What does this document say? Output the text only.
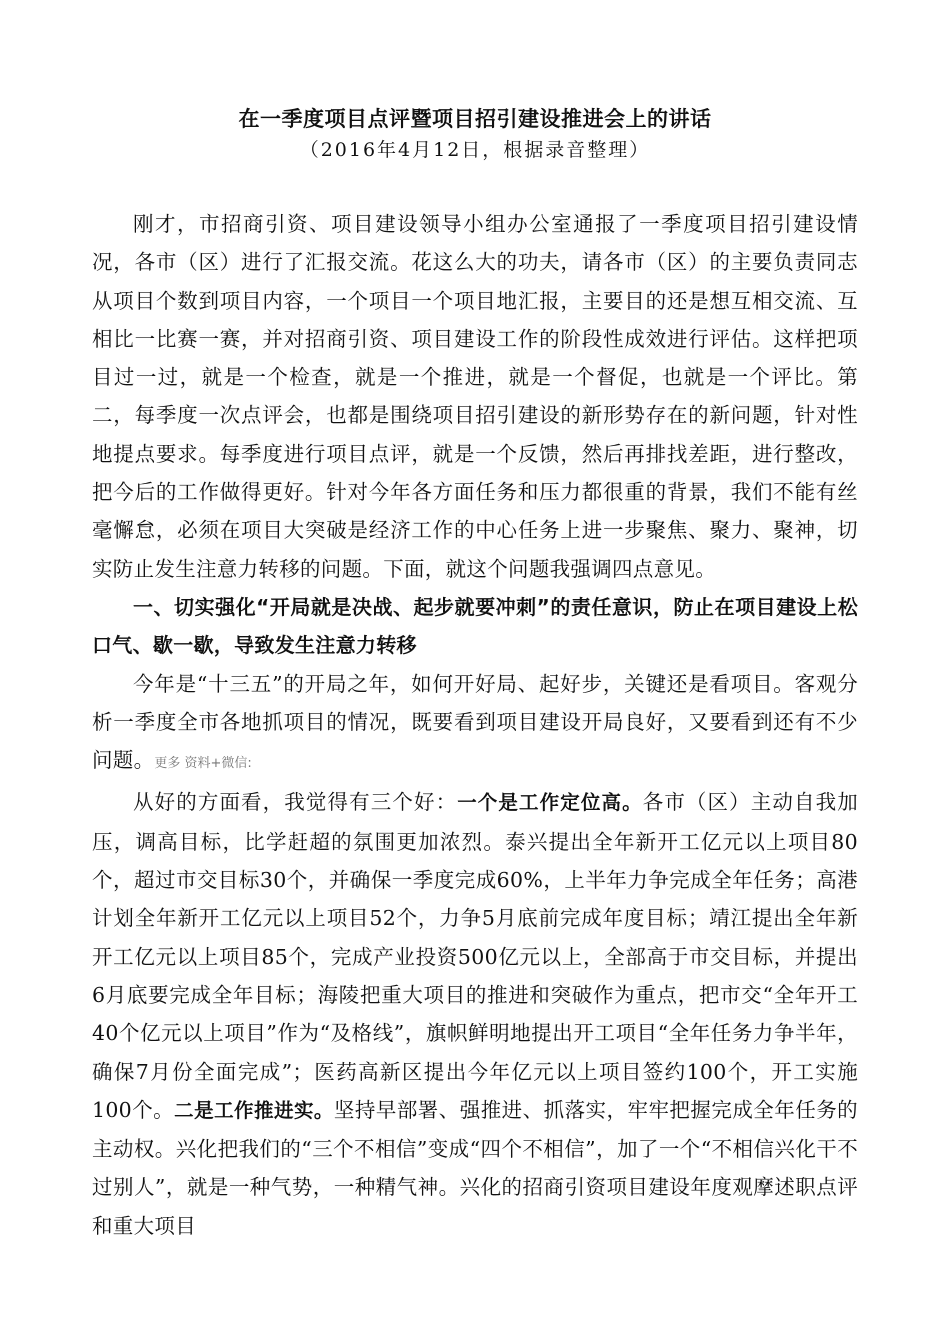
在一季度项目点评暨项目招引建设推进会上的讲话
（2016年4月12日，根据录音整理）

刚才，市招商引资、项目建设领导小组办公室通报了一季度项目招引建设情况，各市（区）进行了汇报交流。花这么大的功夫，请各市（区）的主要负责同志从项目个数到项目内容，一个项目一个项目地汇报，主要目的还是想互相交流、互相比一比赛一赛，并对招商引资、项目建设工作的阶段性成效进行评估。这样把项目过一过，就是一个检查，就是一个推进，就是一个督促，也就是一个评比。第二，每季度一次点评会，也都是围绕项目招引建设的新形势存在的新问题，针对性地提点要求。每季度进行项目点评，就是一个反馈，然后再排找差距，进行整改，把今后的工作做得更好。针对今年各方面任务和压力都很重的背景，我们不能有丝毫懈怠，必须在项目大突破是经济工作的中心任务上进一步聚焦、聚力、聚神，切实防止发生注意力转移的问题。下面，就这个问题我强调四点意见。

一、切实强化“开局就是决战、起步就要冲刺”的责任意识，防止在项目建设上松口气、歇一歇，导致发生注意力转移

今年是“十三五”的开局之年，如何开好局、起好步，关键还是看项目。客观分析一季度全市各地抓项目的情况，既要看到项目建设开局良好，又要看到还有不少问题。更多 资料+微信:

从好的方面看，我觉得有三个好：一个是工作定位高。各市（区）主动自我加压，调高目标，比学赶超的氛围更加浓烈。泰兴提出全年新开工亿元以上项目80个，超过市交目标30个，并确保一季度完成60%，上半年力争完成全年任务；高港计划全年新开工亿元以上项目52个，力争5月底前完成年度目标；靖江提出全年新开工亿元以上项目85个，完成产业投资500亿元以上，全部高于市交目标，并提出6月底要完成全年目标；海陵把重大项目的推进和突破作为重点，把市交“全年开工40个亿元以上项目”作为“及格线”，旗帜鲜明地提出开工项目“全年任务力争半年，确保7月份全面完成”；医药高新区提出今年亿元以上项目签约100个，开工实施100个。二是工作推进实。坚持早部署、强推进、抓落实，牢牢把握完成全年任务的主动权。兴化把我们的“三个不相信”变成“四个不相信”，加了一个“不相信兴化干不过别人”，就是一种气势，一种精气神。兴化的招商引资项目建设年度观摩述职点评和重大项目
